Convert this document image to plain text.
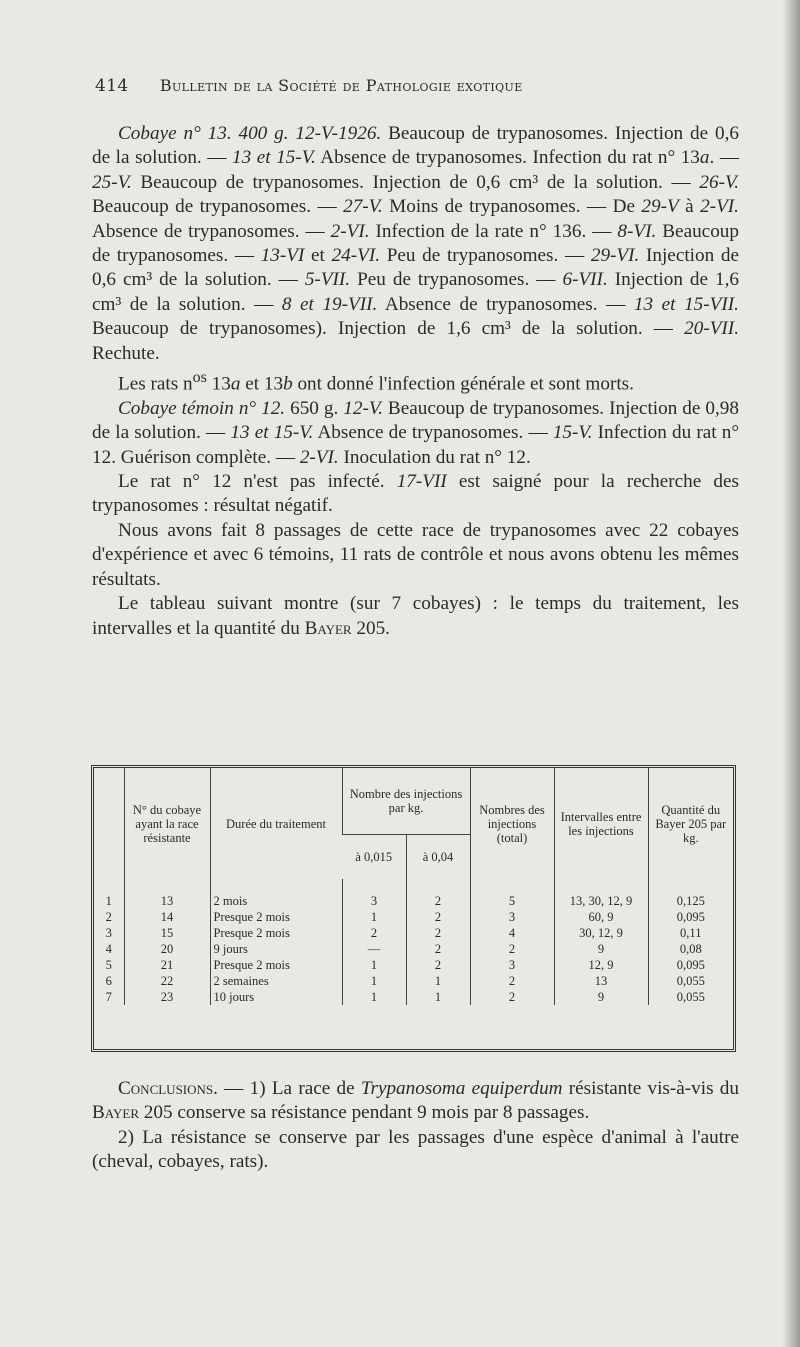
414 Bulletin de la Société de Pathologie exotique

Cobaye n° 13. 400 g. 12-V-1926. Beaucoup de trypanosomes. Injection de 0,6 de la solution. — 13 et 15-V. Absence de trypanosomes. Infection du rat n° 13a. — 25-V. Beaucoup de trypanosomes. Injection de 0,6 cm³ de la solution. — 26-V. Beaucoup de trypanosomes. — 27-V. Moins de trypanosomes. — De 29-V à 2-VI. Absence de trypanosomes. — 2-VI. Infection de la rate n° 136. — 8-VI. Beaucoup de trypanosomes. — 13-VI et 24-VI. Peu de trypanosomes. — 29-VI. Injection de 0,6 cm³ de la solution. — 5-VII. Peu de trypanosomes. — 6-VII. Injection de 1,6 cm³ de la solution. — 8 et 19-VII. Absence de trypanosomes. — 13 et 15-VII. Beaucoup de trypanosomes). Injection de 1,6 cm³ de la solution. — 20-VII. Rechute.

Les rats $n^{os}$ 13a et 13b ont donné l'infection générale et sont morts.

Cobaye témoin n° 12. 650 g. 12-V. Beaucoup de trypanosomes. Injection de 0,98 de la solution. — 13 et 15-V. Absence de trypanosomes. — 15-V. Infection du rat n° 12. Guérison complète. — 2-VI. Inoculation du rat n° 12.

Le rat n° 12 n'est pas infecté. 17-VII est saigné pour la recherche des trypanosomes : résultat négatif.

Nous avons fait 8 passages de cette race de trypanosomes avec 22 cobayes d'expérience et avec 6 témoins, 11 rats de contrôle et nous avons obtenu les mêmes résultats.

Le tableau suivant montre (sur 7 cobayes) : le temps du traitement, les intervalles et la quantité du Bayer 205.

	N° du cobaye ayant la race résistante	Durée du traitement	Nombre des injections par kg.		Nombres des injections (total)	Intervalles entre les injections	Quantité du Bayer 205 par kg.
			à 0,015	à 0,04			

1	13	2 mois	3	2	5	13, 30, 12, 9	0,125
2	14	Presque 2 mois	1	2	3	60, 9	0,095
3	15	Presque 2 mois	2	2	4	30, 12, 9	0,11
4	20	9 jours	—	2	2	9	0,08
5	21	Presque 2 mois	1	2	3	12, 9	0,095
6	22	2 semaines	1	1	2	13	0,055
7	23	10 jours	1	1	2	9	0,055

Conclusions. — 1) La race de Trypanosoma equiperdum résistante vis-à-vis du Bayer 205 conserve sa résistance pendant 9 mois par 8 passages.

2) La résistance se conserve par les passages d'une espèce d'animal à l'autre (cheval, cobayes, rats).
